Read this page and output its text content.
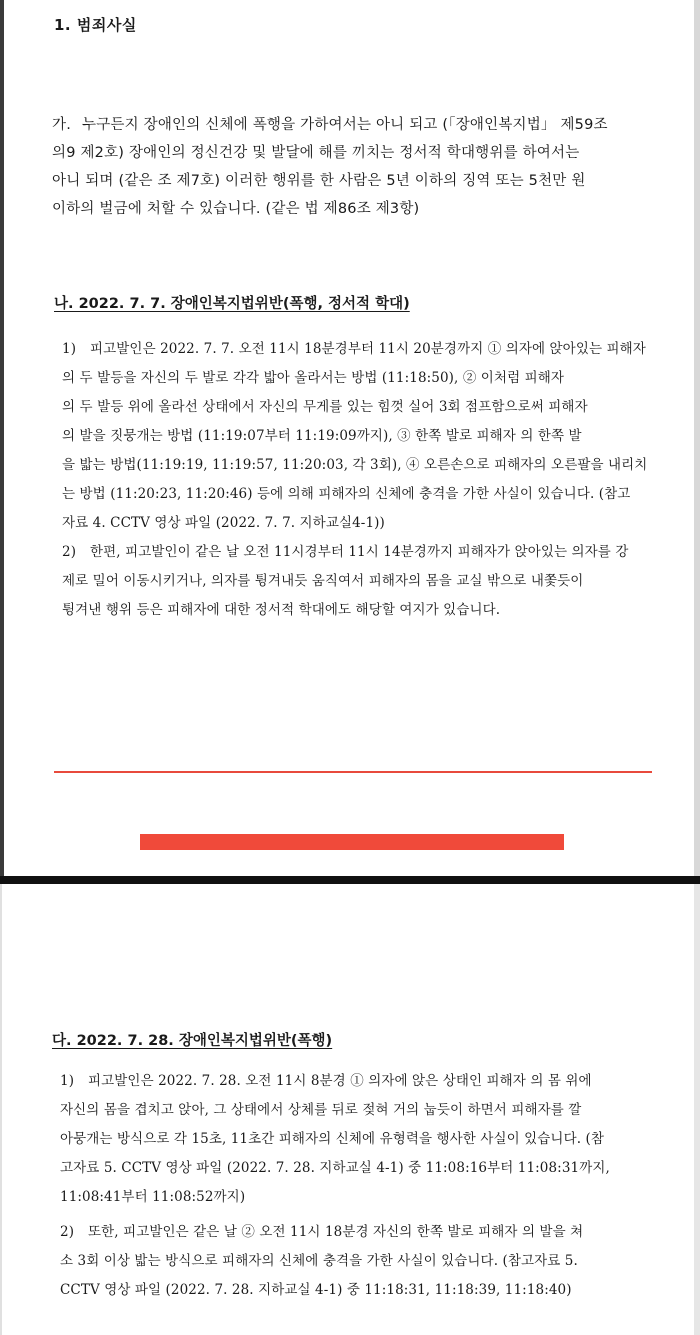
1. 범죄사실
가. 누구든지 장애인의 신체에 폭행을 가하여서는 아니 되고 (「장애인복지법」 제59조
의9 제2호) 장애인의 정신건강 및 발달에 해를 끼치는 정서적 학대행위를 하여서는
아니 되며 (같은 조 제7호) 이러한 행위를 한 사람은 5년 이하의 징역 또는 5천만 원
이하의 벌금에 처할 수 있습니다. (같은 법 제86조 제3항)
나. 2022. 7. 7. 장애인복지법위반(폭행, 정서적 학대)
1) 피고발인은 2022. 7. 7. 오전 11시 18분경부터 11시 20분경까지 ① 의자에 앉아있는 피해자
의 두 발등을 자신의 두 발로 각각 밟아 올라서는 방법 (11:18:50), ② 이처럼 피해자
의 두 발등 위에 올라선 상태에서 자신의 무게를 있는 힘껏 실어 3회 점프함으로써 피해자
의 발을 짓뭉개는 방법 (11:19:07부터 11:19:09까지), ③ 한쪽 발로 피해자 의 한쪽 발
을 밟는 방법(11:19:19, 11:19:57, 11:20:03, 각 3회), ④ 오른손으로 피해자의 오른팔을 내리치
는 방법 (11:20:23, 11:20:46) 등에 의해 피해자의 신체에 충격을 가한 사실이 있습니다. (참고
자료 4. CCTV 영상 파일 (2022. 7. 7. 지하교실4-1))
2) 한편, 피고발인이 같은 날 오전 11시경부터 11시 14분경까지 피해자가 앉아있는 의자를 강
제로 밀어 이동시키거나, 의자를 튕겨내듯 움직여서 피해자의 몸을 교실 밖으로 내쫓듯이
튕겨낸 행위 등은 피해자에 대한 정서적 학대에도 해당할 여지가 있습니다.
다. 2022. 7. 28. 장애인복지법위반(폭행)
1) 피고발인은 2022. 7. 28. 오전 11시 8분경 ① 의자에 앉은 상태인 피해자 의 몸 위에
자신의 몸을 겹치고 앉아, 그 상태에서 상체를 뒤로 젖혀 거의 눕듯이 하면서 피해자를 깔
아뭉개는 방식으로 각 15초, 11초간 피해자의 신체에 유형력을 행사한 사실이 있습니다. (참
고자료 5. CCTV 영상 파일 (2022. 7. 28. 지하교실 4-1) 중 11:08:16부터 11:08:31까지,
11:08:41부터 11:08:52까지)
2) 또한, 피고발인은 같은 날 ② 오전 11시 18분경 자신의 한쪽 발로 피해자 의 발을 쳐
소 3회 이상 밟는 방식으로 피해자의 신체에 충격을 가한 사실이 있습니다. (참고자료 5.
CCTV 영상 파일 (2022. 7. 28. 지하교실 4-1) 중 11:18:31, 11:18:39, 11:18:40)
